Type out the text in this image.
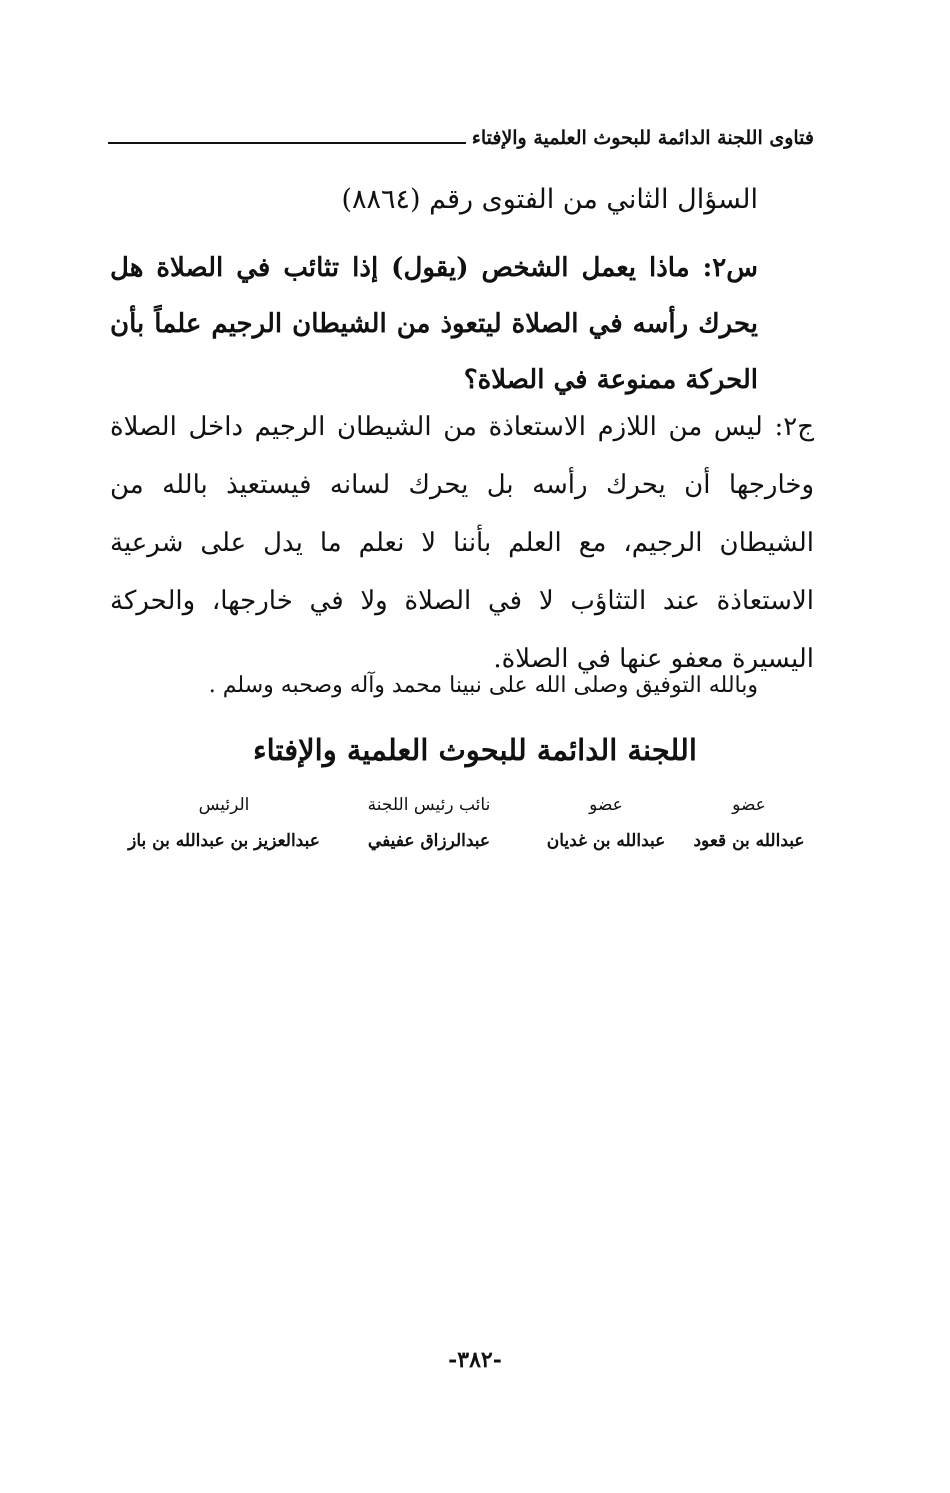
فتاوى اللجنة الدائمة للبحوث العلمية والإفتاء
السؤال الثاني من الفتوى رقم (٨٨٦٤)
س٢: ماذا يعمل الشخص (يقول) إذا تثائب في الصلاة هل يحرك رأسه في الصلاة ليتعوذ من الشيطان الرجيم علماً بأن الحركة ممنوعة في الصلاة؟
ج٢: ليس من اللازم الاستعاذة من الشيطان الرجيم داخل الصلاة وخارجها أن يحرك رأسه بل يحرك لسانه فيستعيذ بالله من الشيطان الرجيم، مع العلم بأننا لا نعلم ما يدل على شرعية الاستعاذة عند التثاؤب لا في الصلاة ولا في خارجها، والحركة اليسيرة معفو عنها في الصلاة.
وبالله التوفيق وصلى الله على نبينا محمد وآله وصحبه وسلم .
اللجنة الدائمة للبحوث العلمية والإفتاء
عضو
عبدالله بن قعود
عضو
عبدالله بن غديان
نائب رئيس اللجنة
عبدالرزاق عفيفي
الرئيس
عبدالعزيز بن عبدالله بن باز
-٣٨٢-
